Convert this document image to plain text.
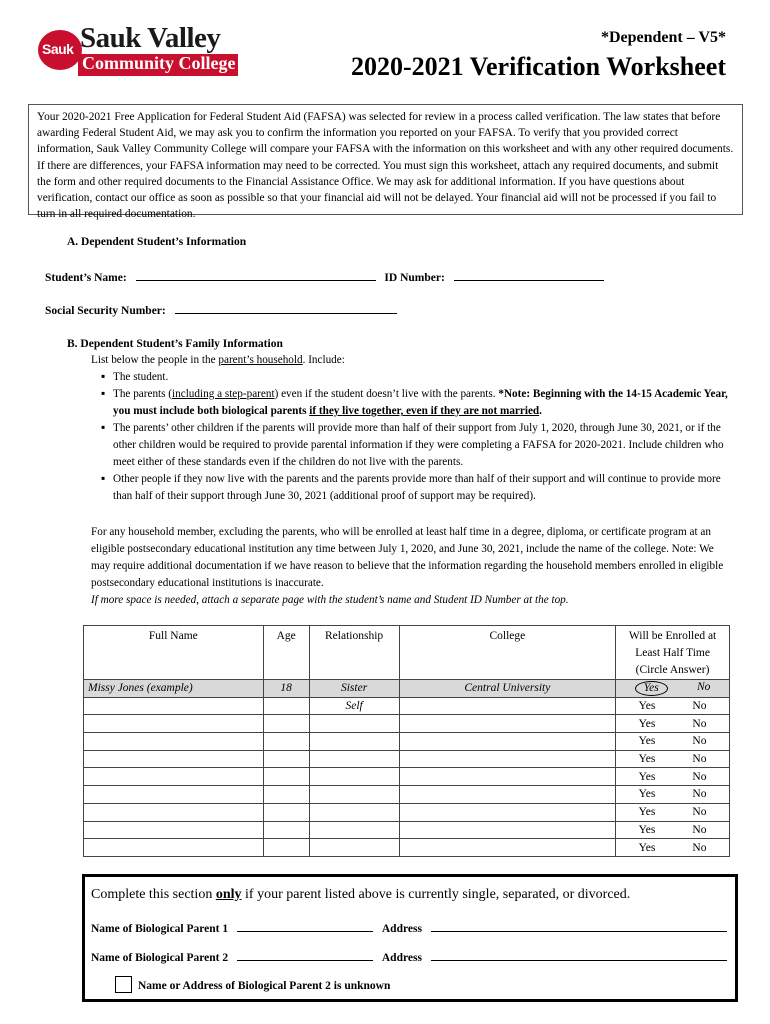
Sauk Sauk Valley
Community College
*Dependent – V5*
2020-2021 Verification Worksheet
Your 2020-2021 Free Application for Federal Student Aid (FAFSA) was selected for review in a process called verification. The law states that before awarding Federal Student Aid, we may ask you to confirm the information you reported on your FAFSA. To verify that you provided correct information, Sauk Valley Community College will compare your FAFSA with the information on this worksheet and with any other required documents. If there are differences, your FAFSA information may need to be corrected. You must sign this worksheet, attach any required documents, and submit the form and other required documents to the Financial Assistance Office. We may ask for additional information. If you have questions about verification, contact our office as soon as possible so that your financial aid will not be delayed. Your financial aid will not be processed if you fail to turn in all required documentation.
A. Dependent Student’s Information
Student’s Name:	ID Number:
Social Security Number:
B. Dependent Student’s Family Information
List below the people in the parent’s household. Include:
▪ The student.
▪ The parents (including a step-parent) even if the student doesn’t live with the parents. *Note: Beginning with the 14-15 Academic Year, you must include both biological parents if they live together, even if they are not married.
▪ The parents’ other children if the parents will provide more than half of their support from July 1, 2020, through June 30, 2021, or if the other children would be required to provide parental information if they were completing a FAFSA for 2020-2021. Include children who meet either of these standards even if the children do not live with the parents.
▪ Other people if they now live with the parents and the parents provide more than half of their support and will continue to provide more than half of their support through June 30, 2021 (additional proof of support may be required).
For any household member, excluding the parents, who will be enrolled at least half time in a degree, diploma, or certificate program at an eligible postsecondary educational institution any time between July 1, 2020, and June 30, 2021, include the name of the college. Note: We may require additional documentation if we have reason to believe that the information regarding the household members enrolled in eligible postsecondary educational institutions is inaccurate.
If more space is needed, attach a separate page with the student’s name and Student ID Number at the top.
Full Name	Age	Relationship	College	Will be Enrolled at Least Half Time (Circle Answer)
Missy Jones (example)	18	Sister	Central University	Yes No

		Self		Yes No

				Yes No

				Yes No

				Yes No

				Yes No

				Yes No

				Yes No

				Yes No

				Yes No
Complete this section only if your parent listed above is currently single, separated, or divorced.
Name of Biological Parent 1	Address
Name of Biological Parent 2	Address
Name or Address of Biological Parent 2 is unknown
